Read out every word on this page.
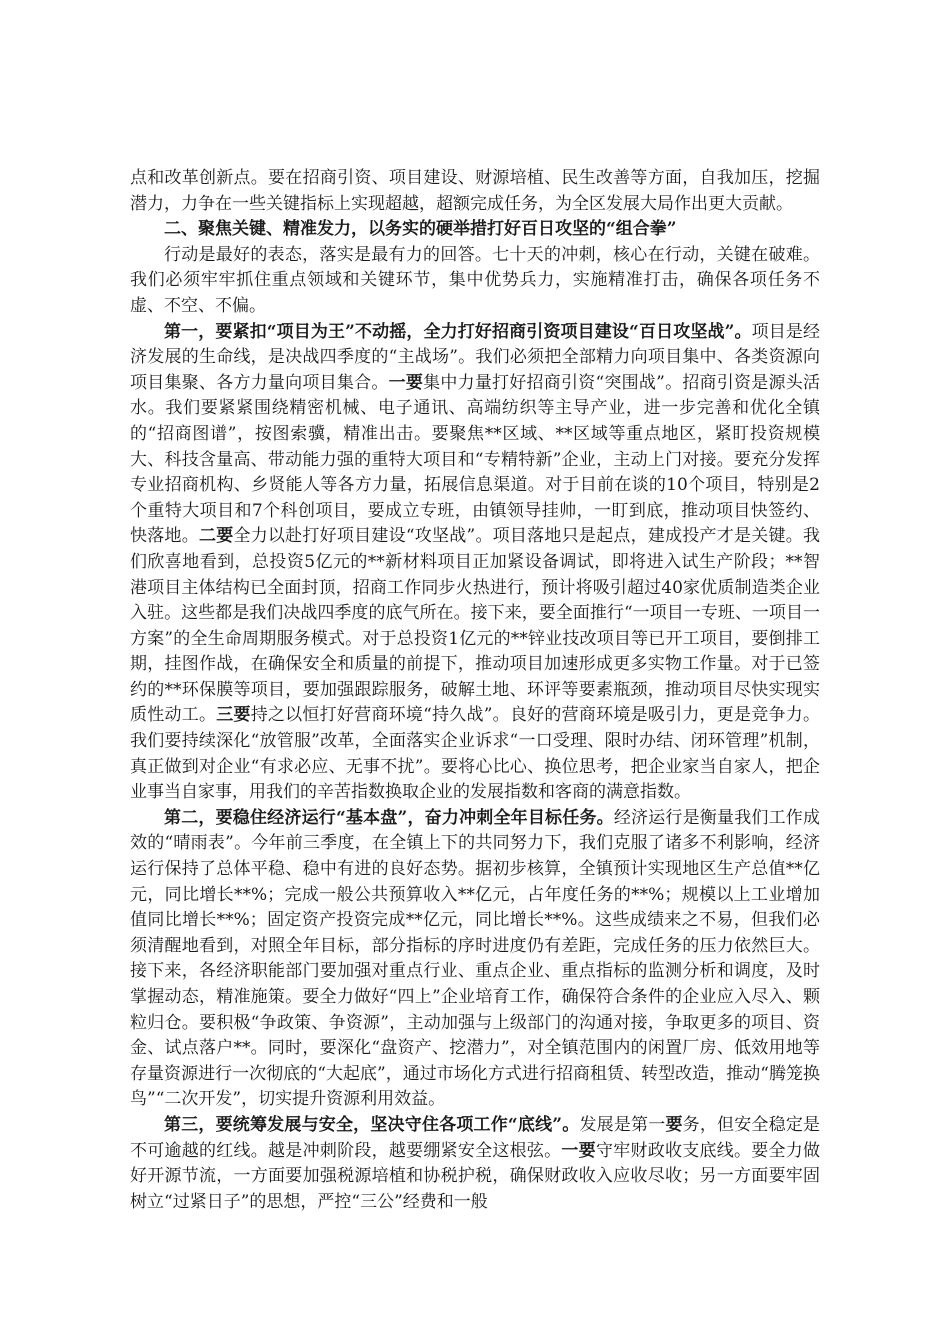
点和改革创新点。要在招商引资、项目建设、财源培植、民生改善等方面，自我加压，挖掘潜力，力争在一些关键指标上实现超越，超额完成任务，为全区发展大局作出更大贡献。

二、聚焦关键、精准发力，以务实的硬举措打好百日攻坚的“组合拳”

行动是最好的表态，落实是最有力的回答。七十天的冲刺，核心在行动，关键在破难。我们必须牢牢抓住重点领域和关键环节，集中优势兵力，实施精准打击，确保各项任务不虚、不空、不偏。

第一，要紧扣“项目为王”不动摇，全力打好招商引资项目建设“百日攻坚战”。项目是经济发展的生命线，是决战四季度的“主战场”。我们必须把全部精力向项目集中、各类资源向项目集聚、各方力量向项目集合。一要集中力量打好招商引资“突围战”。招商引资是源头活水。我们要紧紧围绕精密机械、电子通讯、高端纺织等主导产业，进一步完善和优化全镇的“招商图谱”，按图索骥，精准出击。要聚焦**区域、**区域等重点地区，紧盯投资规模大、科技含量高、带动能力强的重特大项目和“专精特新”企业，主动上门对接。要充分发挥专业招商机构、乡贤能人等各方力量，拓展信息渠道。对于目前在谈的10个项目，特别是2个重特大项目和7个科创项目，要成立专班，由镇领导挂帅，一盯到底，推动项目快签约、快落地。二要全力以赴打好项目建设“攻坚战”。项目落地只是起点，建成投产才是关键。我们欣喜地看到，总投资5亿元的**新材料项目正加紧设备调试，即将进入试生产阶段；**智港项目主体结构已全面封顶，招商工作同步火热进行，预计将吸引超过40家优质制造类企业入驻。这些都是我们决战四季度的底气所在。接下来，要全面推行“一项目一专班、一项目一方案”的全生命周期服务模式。对于总投资1亿元的**锌业技改项目等已开工项目，要倒排工期，挂图作战，在确保安全和质量的前提下，推动项目加速形成更多实物工作量。对于已签约的**环保膜等项目，要加强跟踪服务，破解土地、环评等要素瓶颈，推动项目尽快实现实质性动工。三要持之以恒打好营商环境“持久战”。良好的营商环境是吸引力，更是竞争力。我们要持续深化“放管服”改革，全面落实企业诉求“一口受理、限时办结、闭环管理”机制，真正做到对企业“有求必应、无事不扰”。要将心比心、换位思考，把企业家当自家人，把企业事当自家事，用我们的辛苦指数换取企业的发展指数和客商的满意指数。

第二，要稳住经济运行“基本盘”，奋力冲刺全年目标任务。经济运行是衡量我们工作成效的“晴雨表”。今年前三季度，在全镇上下的共同努力下，我们克服了诸多不利影响，经济运行保持了总体平稳、稳中有进的良好态势。据初步核算，全镇预计实现地区生产总值**亿元，同比增长**%；完成一般公共预算收入**亿元，占年度任务的**%；规模以上工业增加值同比增长**%；固定资产投资完成**亿元，同比增长**%。这些成绩来之不易，但我们必须清醒地看到，对照全年目标，部分指标的序时进度仍有差距，完成任务的压力依然巨大。接下来，各经济职能部门要加强对重点行业、重点企业、重点指标的监测分析和调度，及时掌握动态，精准施策。要全力做好“四上”企业培育工作，确保符合条件的企业应入尽入、颗粒归仓。要积极“争政策、争资源”，主动加强与上级部门的沟通对接，争取更多的项目、资金、试点落户**。同时，要深化“盘资产、挖潜力”，对全镇范围内的闲置厂房、低效用地等存量资源进行一次彻底的“大起底”，通过市场化方式进行招商租赁、转型改造，推动“腾笼换鸟”“二次开发”，切实提升资源利用效益。

第三，要统筹发展与安全，坚决守住各项工作“底线”。发展是第一要务，但安全稳定是不可逾越的红线。越是冲刺阶段，越要绷紧安全这根弦。一要守牢财政收支底线。要全力做好开源节流，一方面要加强税源培植和协税护税，确保财政收入应收尽收；另一方面要牢固树立“过紧日子”的思想，严控“三公”经费和一般
